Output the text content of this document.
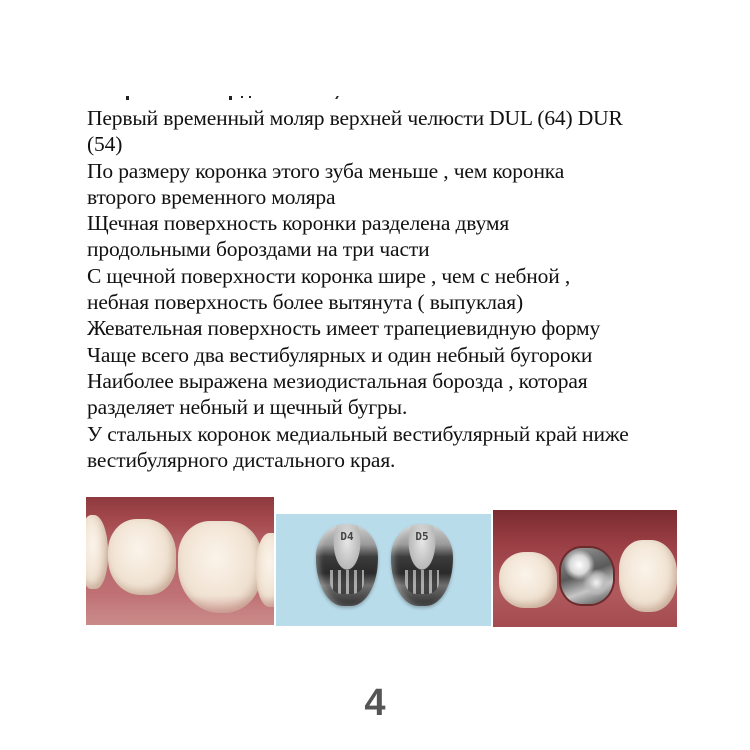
Первый временный моляр верхней челюсти DUL (64) DUR
(54)
По размеру коронка этого зуба меньше , чем коронка
второго временного моляра
Щечная поверхность коронки разделена двумя
продольными бороздами на три части
С щечной поверхности коронка шире , чем с небной ,
небная поверхность более вытянута ( выпуклая)
Жевательная поверхность имеет трапециевидную форму
Чаще всего два вестибулярных и один небный бугороки
Наиболее выражена мезиодистальная борозда , которая
разделяет небный и щечный бугры.
У стальных коронок медиальный вестибулярный край ниже
вестибулярного дистального края.
D4	D5
4
